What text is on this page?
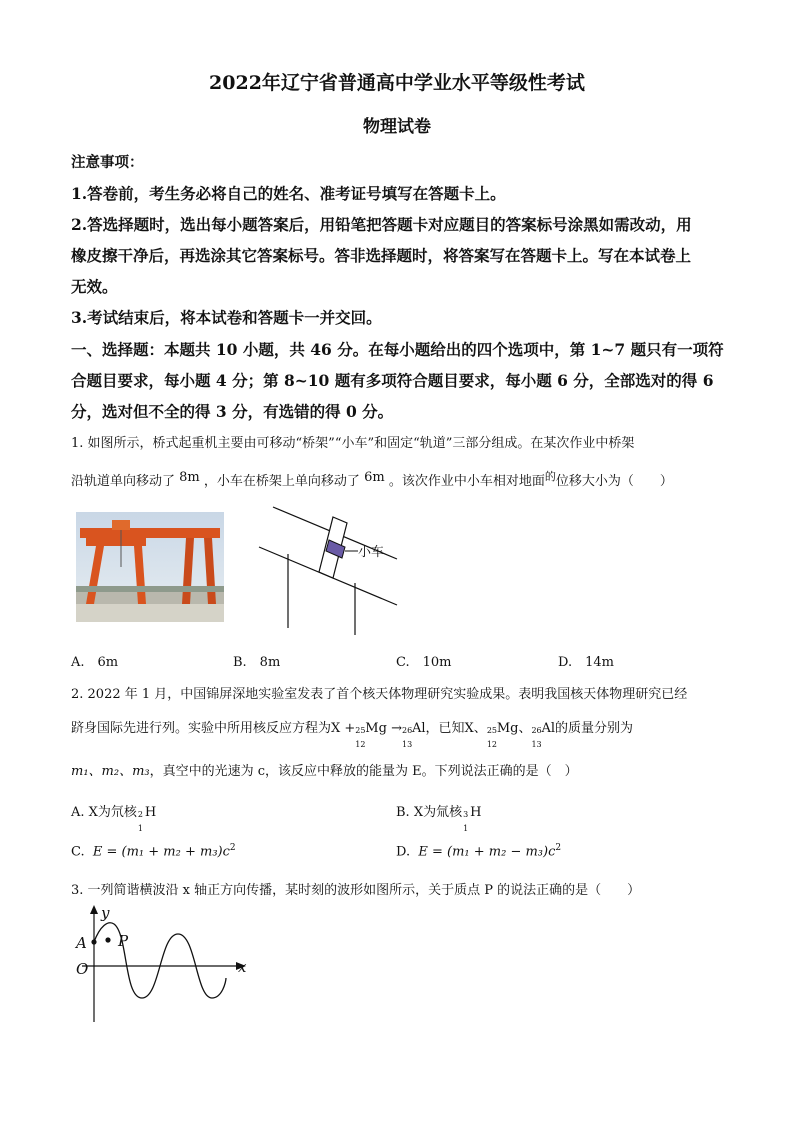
2022年辽宁省普通高中学业水平等级性考试
物理试卷
注意事项：
1.答卷前，考生务必将自己的姓名、准考证号填写在答题卡上。
2.答选择题时，选出每小题答案后，用铅笔把答题卡对应题目的答案标号涂黑如需改动，用
橡皮擦干净后，再选涂其它答案标号。答非选择题时，将答案写在答题卡上。写在本试卷上
无效。
3.考试结束后，将本试卷和答题卡一并交回。
一、选择题：本题共 10 小题，共 46 分。在每小题给出的四个选项中，第 1~7 题只有一项符
合题目要求，每小题 4 分；第 8~10 题有多项符合题目要求，每小题 6 分，全部选对的得 6
分，选对但不全的得 3 分，有选错的得 0 分。
1. 如图所示，桥式起重机主要由可移动“桥架”“小车”和固定“轨道”三部分组成。在某次作业中桥架
沿轨道单向移动了 8m ，小车在桥架上单向移动了 6m 。该次作业中小车相对地面$^的$位移大小为（　　）
小车
A.　6m	B.　8m	C.　10m	D.　14m
2. 2022 年 1 月，中国锦屏深地实验室发表了首个核天体物理研究实验成果。表明我国核天体物理研究已经
跻身国际先进行列。实验中所用核反应方程为X + 25
12
Mg → 26
13
Al，已知X、 25
12
Mg、 26
13
Al的质量分别为
m₁、m₂、m₃，真空中的光速为 c，该反应中释放的能量为 E。下列说法正确的是（　）
A. X为氘核 2
1
H	B. X为氚核 3
1
H
C. $E = (m_1 + m_2 + m_3)c^2$	D. $E = (m_1 + m_2 - m_3)c^2$
3. 一列简谐横波沿 x 轴正方向传播，某时刻的波形如图所示，关于质点 P 的说法正确的是（　　）
y
x
A P
O
